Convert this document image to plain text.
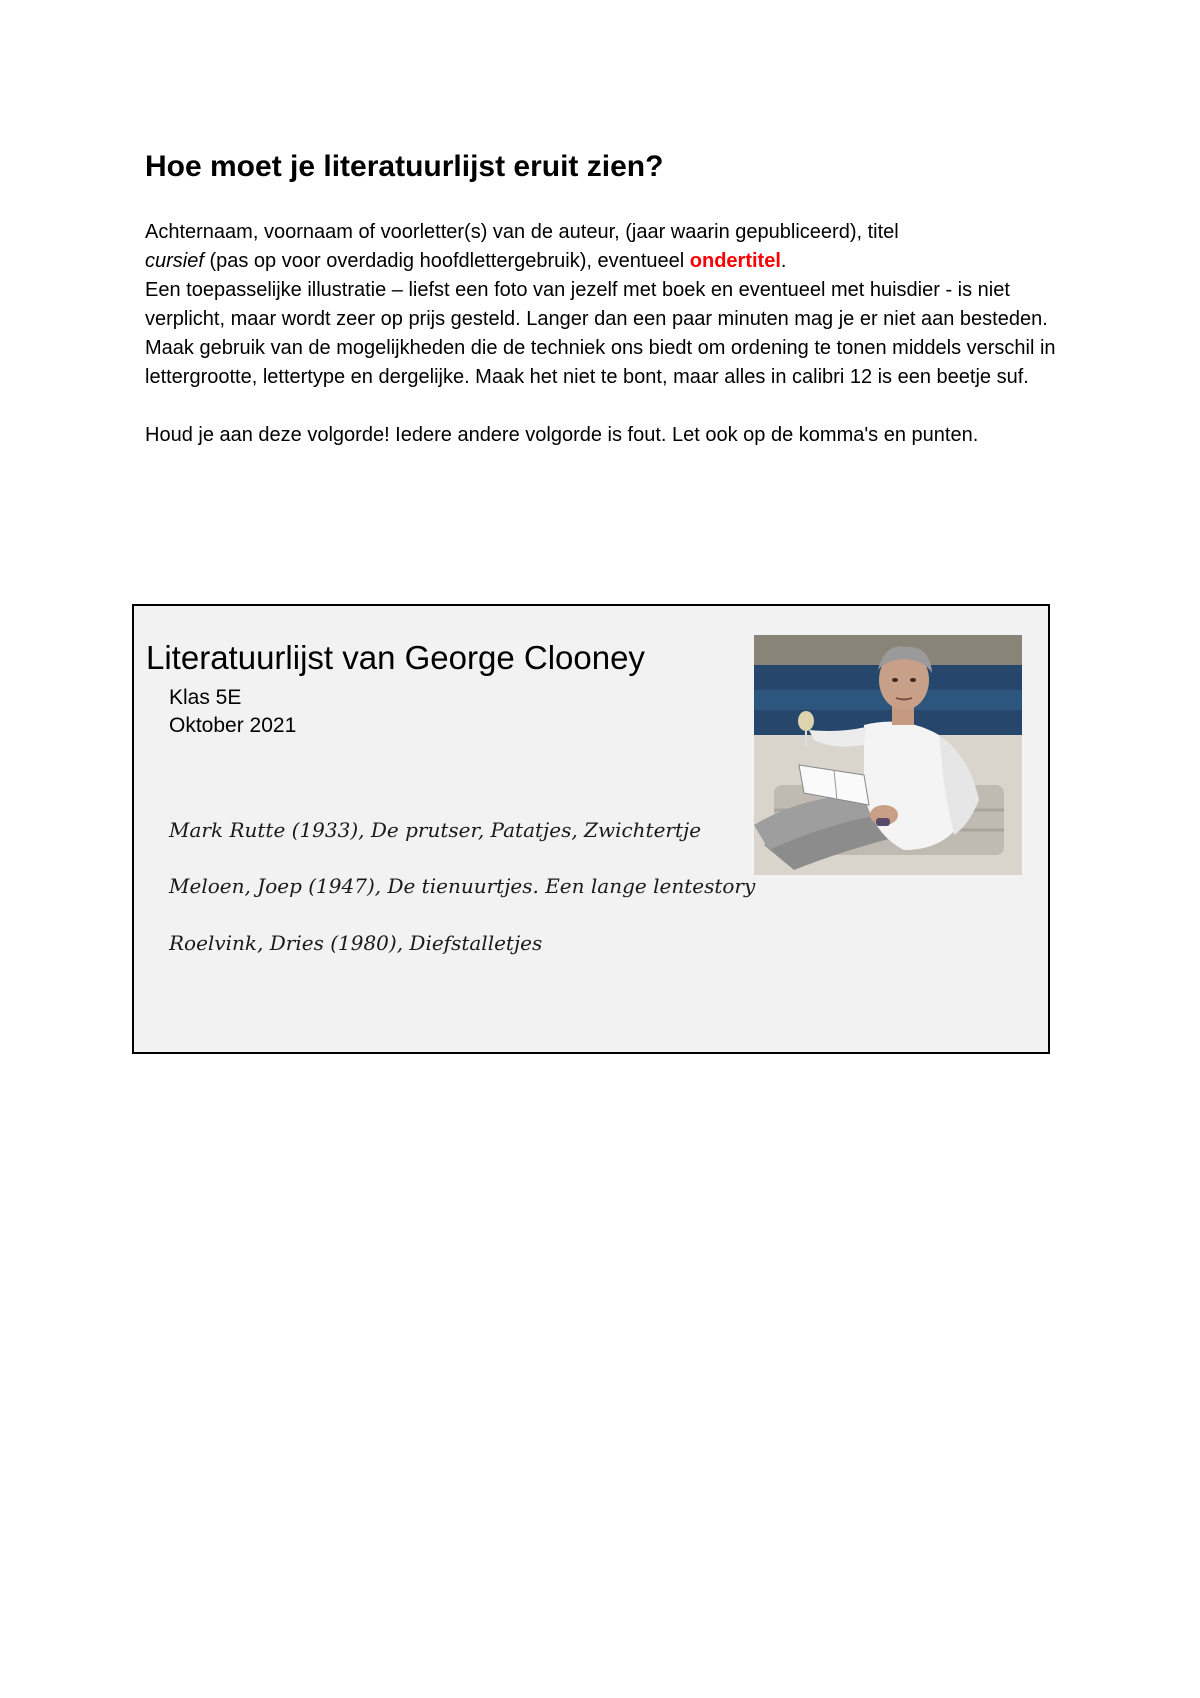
Hoe moet je literatuurlijst eruit zien?

Achternaam, voornaam of voorletter(s) van de auteur, (jaar waarin gepubliceerd), titel
cursief (pas op voor overdadig hoofdlettergebruik), eventueel ondertitel.

Een toepasselijke illustratie – liefst een foto van jezelf met boek en eventueel met huisdier - is niet verplicht, maar wordt zeer op prijs gesteld. Langer dan een paar minuten mag je er niet aan besteden.

Maak gebruik van de mogelijkheden die de techniek ons biedt om ordening te tonen middels verschil in lettergrootte, lettertype en dergelijke. Maak het niet te bont, maar alles in calibri 12 is een beetje suf.

Houd je aan deze volgorde! Iedere andere volgorde is fout. Let ook op de komma's en punten.

Literatuurlijst van George Clooney
Klas 5E
Oktober 2021
Mark Rutte (1933), De prutser, Patatjes, Zwichtertje
Meloen, Joep (1947), De tienuurtjes. Een lange lentestory
Roelvink, Dries (1980), Diefstalletjes
